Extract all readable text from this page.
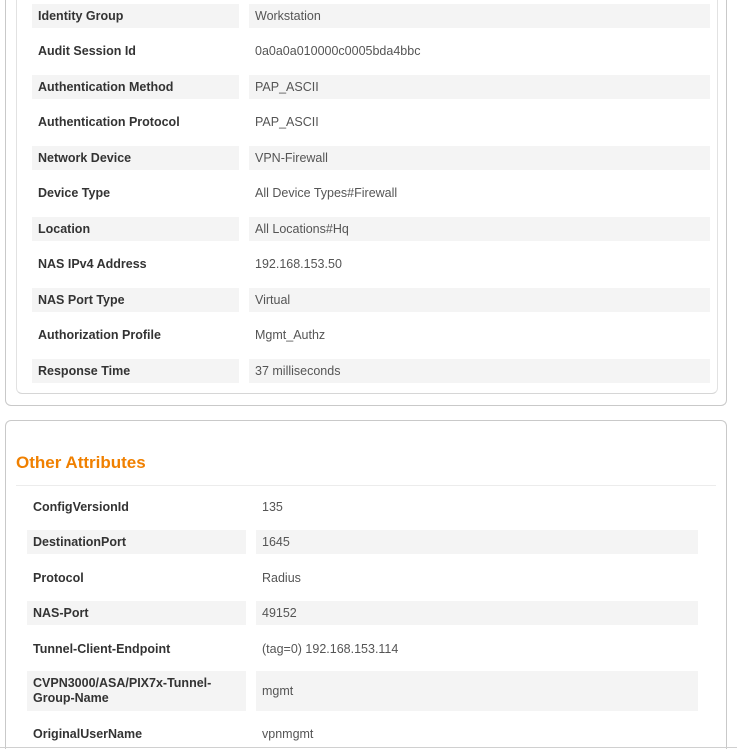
Identity Group	Workstation
Audit Session Id	0a0a0a010000c0005bda4bbc
Authentication Method	PAP_ASCII
Authentication Protocol	PAP_ASCII
Network Device	VPN-Firewall
Device Type	All Device Types#Firewall
Location	All Locations#Hq
NAS IPv4 Address	192.168.153.50
NAS Port Type	Virtual
Authorization Profile	Mgmt_Authz
Response Time	37 milliseconds
Other Attributes
ConfigVersionId	135
DestinationPort	1645
Protocol	Radius
NAS-Port	49152
Tunnel-Client-Endpoint	(tag=0) 192.168.153.114
CVPN3000/ASA/PIX7x-Tunnel-Group-Name	mgmt
OriginalUserName	vpnmgmt
